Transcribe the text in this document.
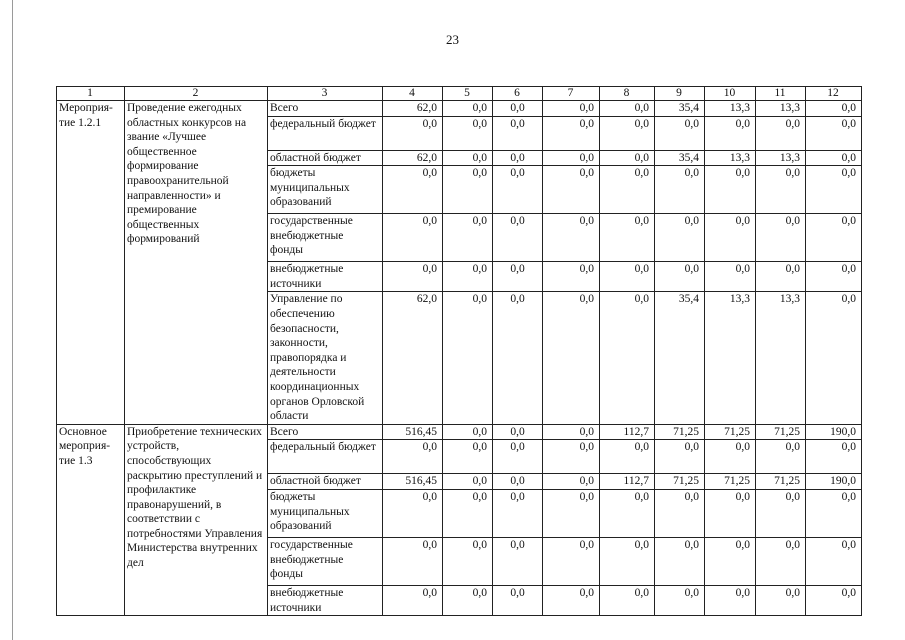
23
1	2	3	4	5	6	7	8	9	10	11	12
Мероприя-тие 1.2.1	Проведение ежегодных областных конкурсов на звание «Лучшее общественное формирование правоохранительной направленности» и премирование общественных формирований	Всего	62,0	0,0	0,0	0,0	0,0	35,4	13,3	13,3	0,0
		федеральный бюджет	0,0	0,0	0,0	0,0	0,0	0,0	0,0	0,0	0,0
		областной бюджет	62,0	0,0	0,0	0,0	0,0	35,4	13,3	13,3	0,0
		бюджеты муниципальных образований	0,0	0,0	0,0	0,0	0,0	0,0	0,0	0,0	0,0
		государственные внебюджетные фонды	0,0	0,0	0,0	0,0	0,0	0,0	0,0	0,0	0,0
		внебюджетные источники	0,0	0,0	0,0	0,0	0,0	0,0	0,0	0,0	0,0
		Управление по обеспечению безопасности, законности, правопорядка и деятельности координационных органов Орловской области	62,0	0,0	0,0	0,0	0,0	35,4	13,3	13,3	0,0
Основное мероприя-тие 1.3	Приобретение технических устройств, способствующих раскрытию преступлений и профилактике правонарушений, в соответствии с потребностями Управления Министерства внутренних дел	Всего	516,45	0,0	0,0	0,0	112,7	71,25	71,25	71,25	190,0
		федеральный бюджет	0,0	0,0	0,0	0,0	0,0	0,0	0,0	0,0	0,0
		областной бюджет	516,45	0,0	0,0	0,0	112,7	71,25	71,25	71,25	190,0
		бюджеты муниципальных образований	0,0	0,0	0,0	0,0	0,0	0,0	0,0	0,0	0,0
		государственные внебюджетные фонды	0,0	0,0	0,0	0,0	0,0	0,0	0,0	0,0	0,0
		внебюджетные источники	0,0	0,0	0,0	0,0	0,0	0,0	0,0	0,0	0,0
